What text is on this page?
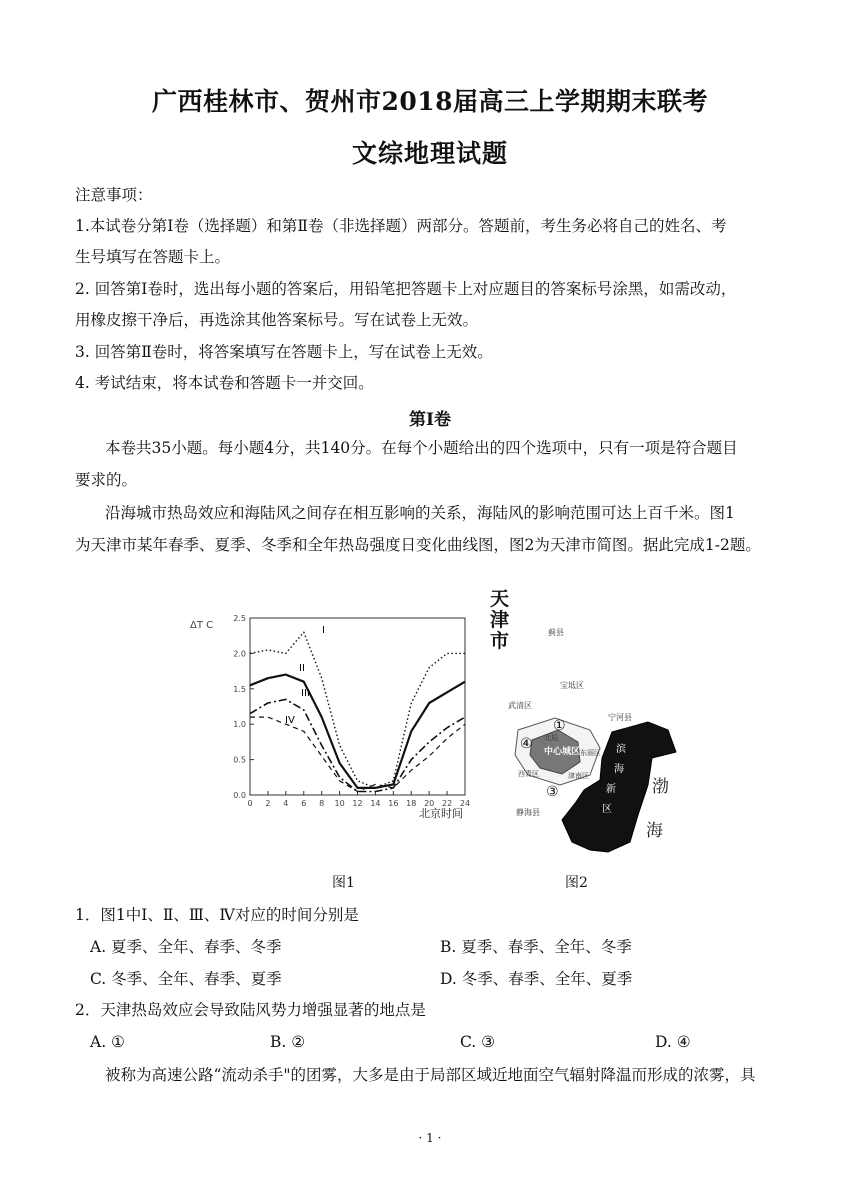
广西桂林市、贺州市2018届高三上学期期末联考
文综地理试题
注意事项：
1.本试卷分第Ⅰ卷（选择题）和第Ⅱ卷（非选择题）两部分。答题前，考生务必将自己的姓名、考
生号填写在答题卡上。
2. 回答第Ⅰ卷时，选出每小题的答案后，用铅笔把答题卡上对应题目的答案标号涂黑，如需改动，
用橡皮擦干净后，再选涂其他答案标号。写在试卷上无效。
3. 回答第Ⅱ卷时，将答案填写在答题卡上，写在试卷上无效。
4. 考试结束，将本试卷和答题卡一并交回。
第Ⅰ卷
本卷共35小题。每小题4分，共140分。在每个小题给出的四个选项中，只有一项是符合题目
要求的。
沿海城市热岛效应和海陆风之间存在相互影响的关系，海陆风的影响范围可达上百千米。图1
为天津市某年春季、夏季、冬季和全年热岛强度日变化曲线图，图2为天津市简图。据此完成1-2题。
ΔT C
0.0
0.5
1.0
1.5
2.0
2.5
0 2 4 6 8 10 12 14 16 18 20 22 24
北京时间
I
II
III
IV
图1
天
津
市	蓟县
宝坻区
武清区
宁河县
中心城区
北辰
东丽区
西青区	津南区
静海县
滨
海
新
区
渤
海
①
②
③
④
图2
1．图1中Ⅰ、Ⅱ、Ⅲ、Ⅳ对应的时间分别是
A. 夏季、全年、春季、冬季	B. 夏季、春季、全年、冬季
C. 冬季、全年、春季、夏季	D. 冬季、春季、全年、夏季
2．天津热岛效应会导致陆风势力增强显著的地点是
A. ①	B. ②	C. ③	D. ④
被称为高速公路“流动杀手"的团雾，大多是由于局部区域近地面空气辐射降温而形成的浓雾，具
· 1 ·
